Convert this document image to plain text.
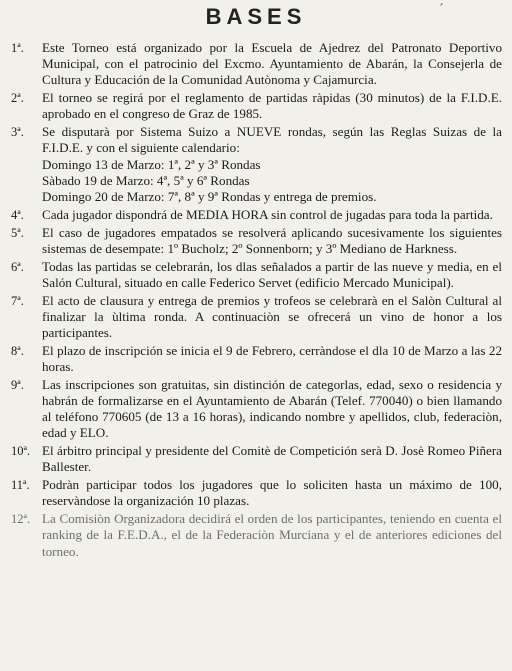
BASES	´
1ª.	Este Torneo está organizado por la Escuela de Ajedrez del Patronato Deportivo Municipal, con el patrocinio del Excmo. Ayuntamiento de Abarán, la Consejerla de Cultura y Educación de la Comunidad Autònoma y Cajamurcia.
2ª.	El torneo se regirá por el reglamento de partidas ràpidas (30 minutos) de la F.I.D.E. aprobado en el congreso de Graz de 1985.
3ª.	Se disputarà por Sistema Suizo a NUEVE rondas, según las Reglas Suizas de la F.I.D.E. y con el siguiente calendario:
Domingo 13 de Marzo: 1ª, 2ª y 3ª Rondas
Sàbado 19 de Marzo: 4ª, 5ª y 6ª Rondas
Domingo 20 de Marzo: 7ª, 8ª y 9ª Rondas y entrega de premios.
4ª.	Cada jugador dispondrá de MEDIA HORA sin control de jugadas para toda la partida.
5ª.	El caso de jugadores empatados se resolverá aplicando sucesivamente los siguientes sistemas de desempate: 1º Bucholz; 2º Sonnenborn; y 3º Mediano de Harkness.
6ª.	Todas las partidas se celebrarán, los dlas señalados a partir de las nueve y media, en el Salón Cultural, situado en calle Federico Servet (edificio Mercado Municipal).
7ª.	El acto de clausura y entrega de premios y trofeos se celebrarà en el Salòn Cultural al finalizar la ùltima ronda. A continuaciòn se ofrecerá un vino de honor a los participantes.
8ª.	El plazo de inscripción se inicia el 9 de Febrero, cerràndose el dla 10 de Marzo a las 22 horas.
9ª.	Las inscripciones son gratuitas, sin distinción de categorlas, edad, sexo o residencia y habrán de formalizarse en el Ayuntamiento de Abarán (Telef. 770040) o bien llamando al teléfono 770605 (de 13 a 16 horas), indicando nombre y apellidos, club, federaciòn, edad y ELO.
10ª. El árbitro principal y presidente del Comitè de Competición serà D. Josè Romeo Piñera Ballester.
11ª. Podràn participar todos los jugadores que lo soliciten hasta un máximo de 100, reservàndose la organización 10 plazas.
12ª. La Comisiòn Organizadora decidirá el orden de los participantes, teniendo en cuenta el ranking de la F.E.D.A., el de la Federaciòn Murciana y el de anteriores ediciones del torneo.
